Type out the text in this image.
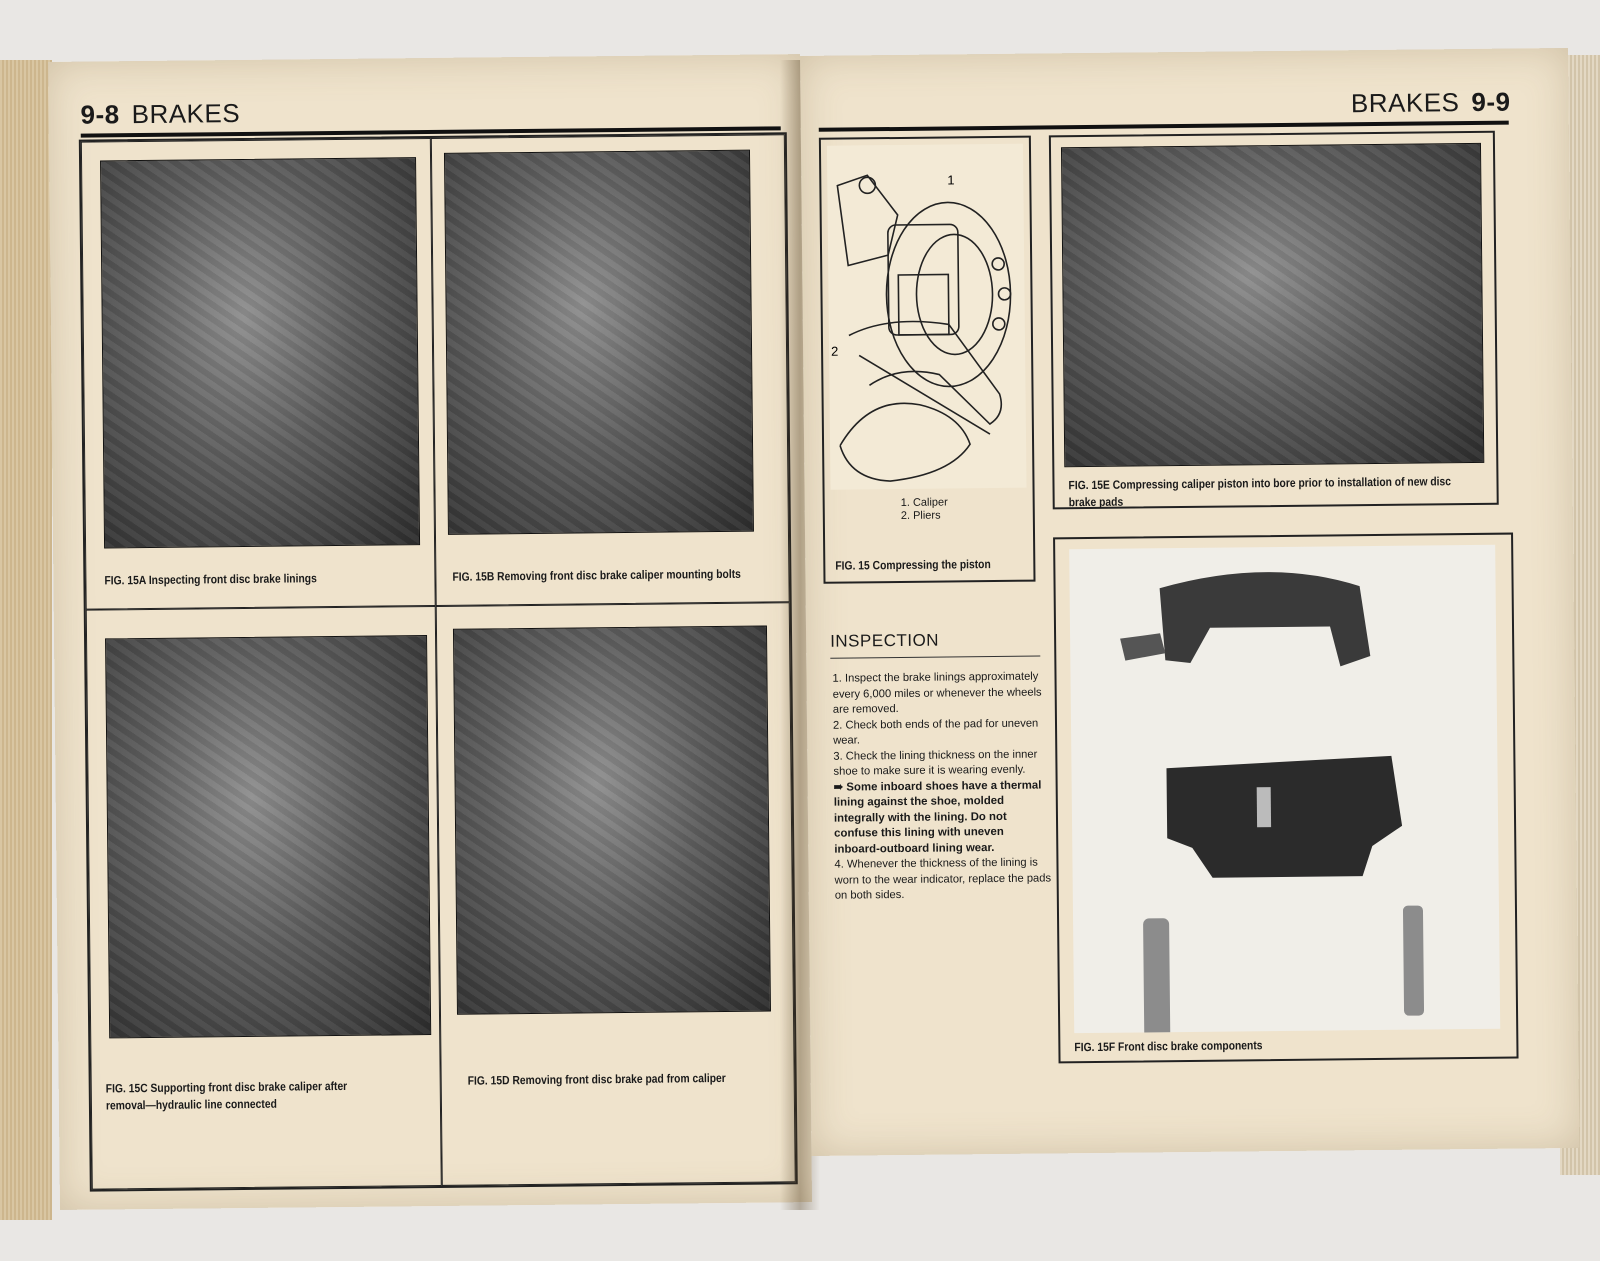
9-8 BRAKES
FIG. 15A Inspecting front disc brake linings	FIG. 15B Removing front disc brake caliper mounting bolts
FIG. 15C Supporting front disc brake caliper after removal—hydraulic line connected
FIG. 15D Removing front disc brake pad from caliper
BRAKES 9-9
1
2
1. Caliper
2. Pliers
FIG. 15 Compressing the piston
FIG. 15E Compressing caliper piston into bore prior to installation of new disc brake pads
INSPECTION

1. Inspect the brake linings approximately every 6,000 miles or whenever the wheels are removed.

2. Check both ends of the pad for uneven wear.

3. Check the lining thickness on the inner shoe to make sure it is wearing evenly.

➠ Some inboard shoes have a thermal lining against the shoe, molded integrally with the lining. Do not confuse this lining with uneven inboard-outboard lining wear.

4. Whenever the thickness of the lining is worn to the wear indicator, replace the pads on both sides.

FIG. 15F Front disc brake components
